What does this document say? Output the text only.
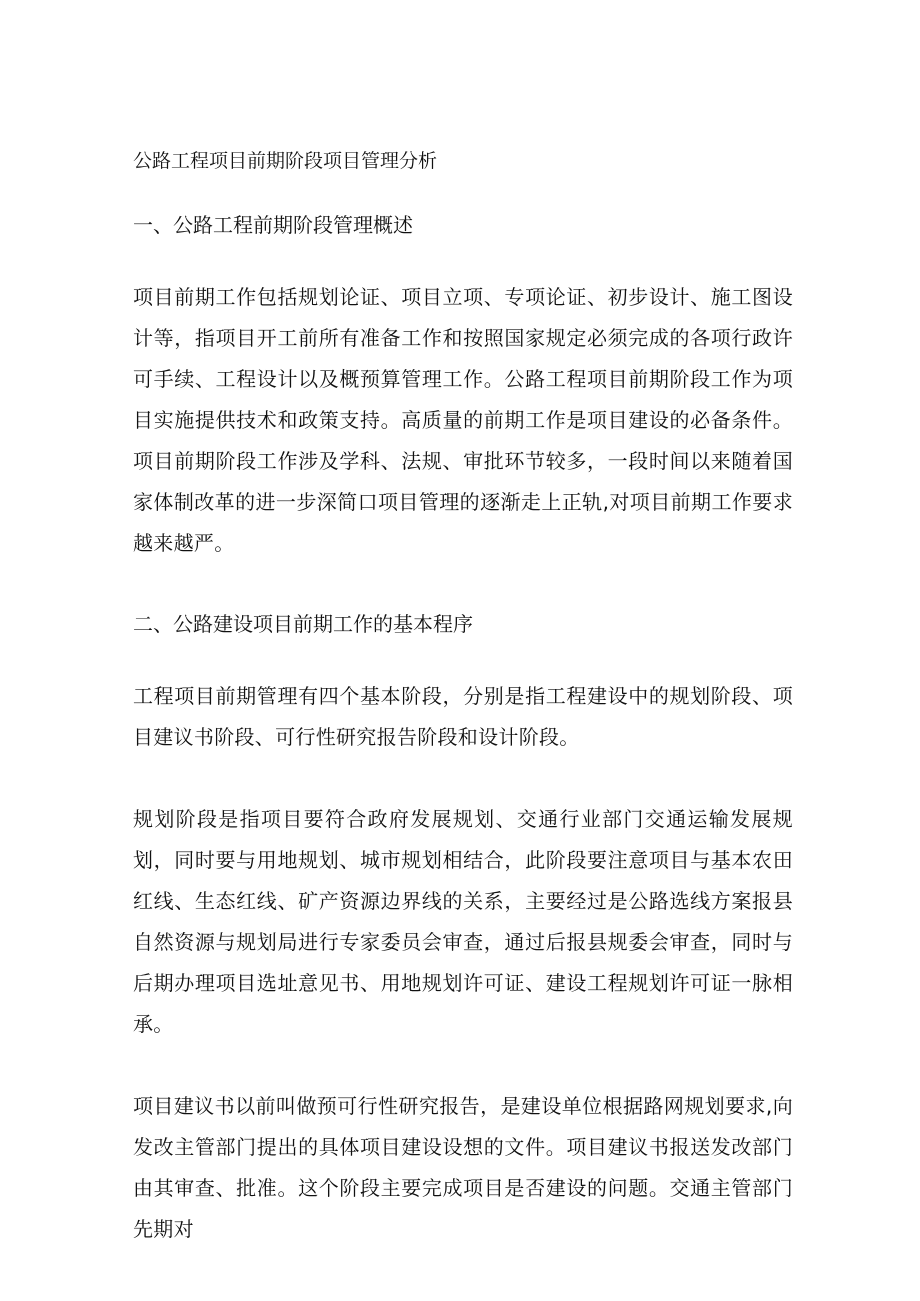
公路工程项目前期阶段项目管理分析
一、公路工程前期阶段管理概述

项目前期工作包括规划论证、项目立项、专项论证、初步设计、施工图设计等，指项目开工前所有准备工作和按照国家规定必须完成的各项行政许可手续、工程设计以及概预算管理工作。公路工程项目前期阶段工作为项目实施提供技术和政策支持。高质量的前期工作是项目建设的必备条件。项目前期阶段工作涉及学科、法规、审批环节较多，一段时间以来随着国家体制改革的进一步深简口项目管理的逐渐走上正轨,对项目前期工作要求越来越严。

二、公路建设项目前期工作的基本程序

工程项目前期管理有四个基本阶段，分别是指工程建设中的规划阶段、项目建议书阶段、可行性研究报告阶段和设计阶段。

规划阶段是指项目要符合政府发展规划、交通行业部门交通运输发展规划，同时要与用地规划、城市规划相结合，此阶段要注意项目与基本农田红线、生态红线、矿产资源边界线的关系，主要经过是公路选线方案报县自然资源与规划局进行专家委员会审查，通过后报县规委会审查，同时与后期办理项目选址意见书、用地规划许可证、建设工程规划许可证一脉相承。

项目建议书以前叫做预可行性研究报告，是建设单位根据路网规划要求,向发改主管部门提出的具体项目建设设想的文件。项目建议书报送发改部门由其审查、批准。这个阶段主要完成项目是否建设的问题。交通主管部门先期对
